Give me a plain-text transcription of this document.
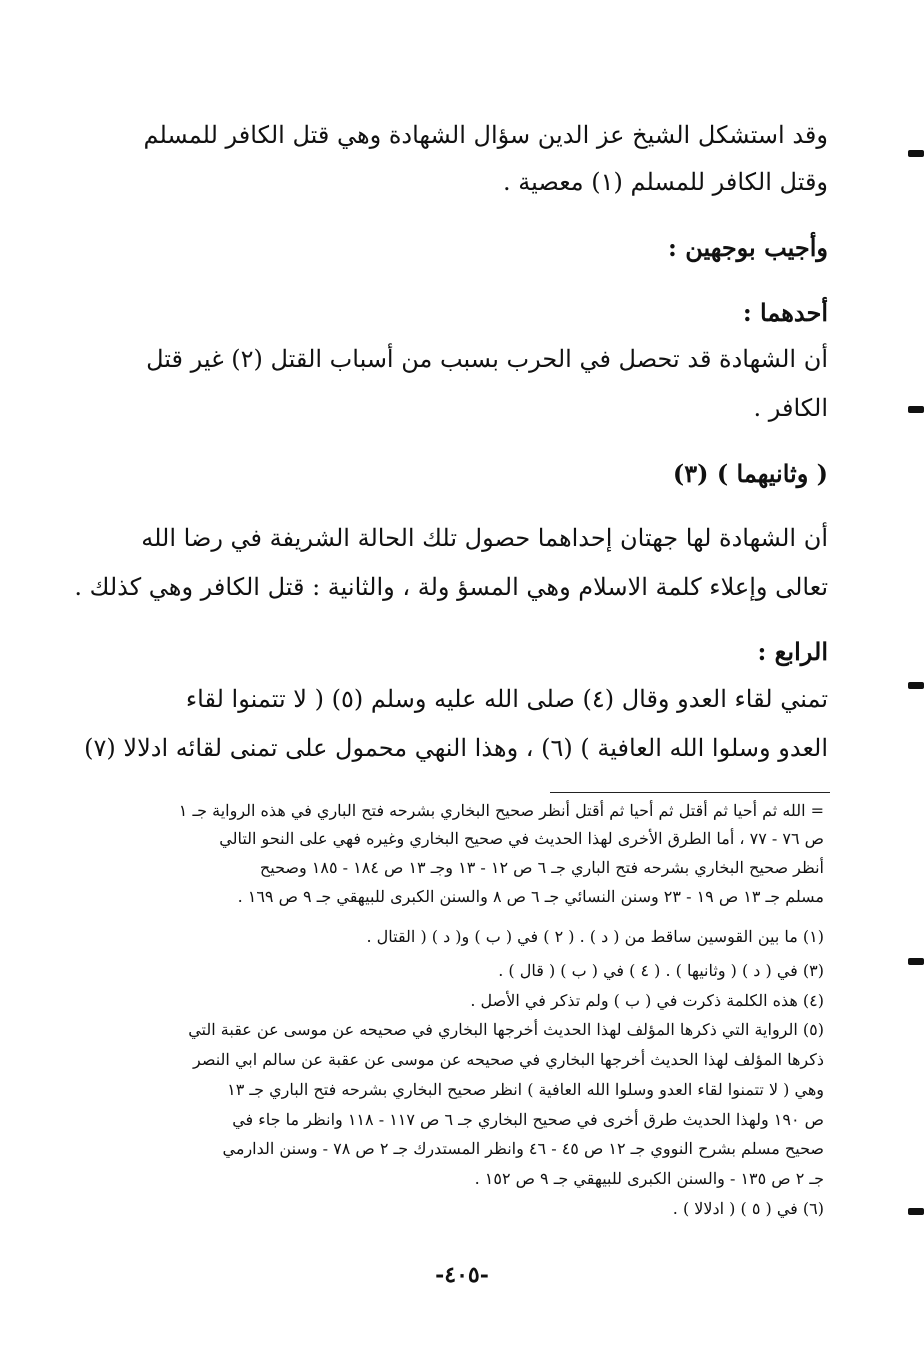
وقد استشكل الشيخ عز الدين سؤال الشهادة وهي قتل الكافر للمسلم
وقتل الكافر للمسلم (١) معصية .
وأجيب بوجهين :
أحدهما :
أن الشهادة قد تحصل في الحرب بسبب من أسباب القتل (٢) غير قتل
الكافر .
( وثانيهما ) (٣)
أن الشهادة لها جهتان إحداهما حصول تلك الحالة الشريفة في رضا الله
تعالى وإعلاء كلمة الاسلام وهي المسؤ ولة ، والثانية : قتل الكافر وهي كذلك .
الرابع :
تمني لقاء العدو وقال (٤) صلى الله عليه وسلم (٥) ( لا تتمنوا لقاء
العدو وسلوا الله العافية ) (٦) ، وهذا النهي محمول على تمنى لقائه ادلالا (٧)
= الله ثم أحيا ثم أقتل ثم أحيا ثم أقتل أنظر صحيح البخاري بشرحه فتح الباري في هذه الرواية جـ ١
ص ٧٦ - ٧٧ ، أما الطرق الأخرى لهذا الحديث في صحيح البخاري وغيره فهي على النحو التالي
أنظر صحيح البخاري بشرحه فتح الباري جـ ٦ ص ١٢ - ١٣ وجـ ١٣ ص ١٨٤ - ١٨٥ وصحيح
مسلم جـ ١٣ ص ١٩ - ٢٣ وسنن النسائي جـ ٦ ص ٨ والسنن الكبرى للبيهقي جـ ٩ ص ١٦٩ .
(١) ما بين القوسين ساقط من ( د ) . ( ٢ ) في ( ب ) و( د ) ( القتال .
(٣) في ( د ) ( وثانيها ) . ( ٤ ) في ( ب ) ( قال ) .
(٤) هذه الكلمة ذكرت في ( ب ) ولم تذكر في الأصل .
(٥) الرواية التي ذكرها المؤلف لهذا الحديث أخرجها البخاري في صحيحه عن موسى عن عقبة التي
ذكرها المؤلف لهذا الحديث أخرجها البخاري في صحيحه عن موسى عن عقبة عن سالم ابي النصر
وهي ( لا تتمنوا لقاء العدو وسلوا الله العافية ) انظر صحيح البخاري بشرحه فتح الباري جـ ١٣
ص ١٩٠ ولهذا الحديث طرق أخرى في صحيح البخاري جـ ٦ ص ١١٧ - ١١٨ وانظر ما جاء في
صحيح مسلم بشرح النووي جـ ١٢ ص ٤٥ - ٤٦ وانظر المستدرك جـ ٢ ص ٧٨ - وسنن الدارمي
جـ ٢ ص ١٣٥ - والسنن الكبرى للبيهقي جـ ٩ ص ١٥٢ .
(٦) في ( ٥ ) ( ادلالا ) .
-٤٠٥-
